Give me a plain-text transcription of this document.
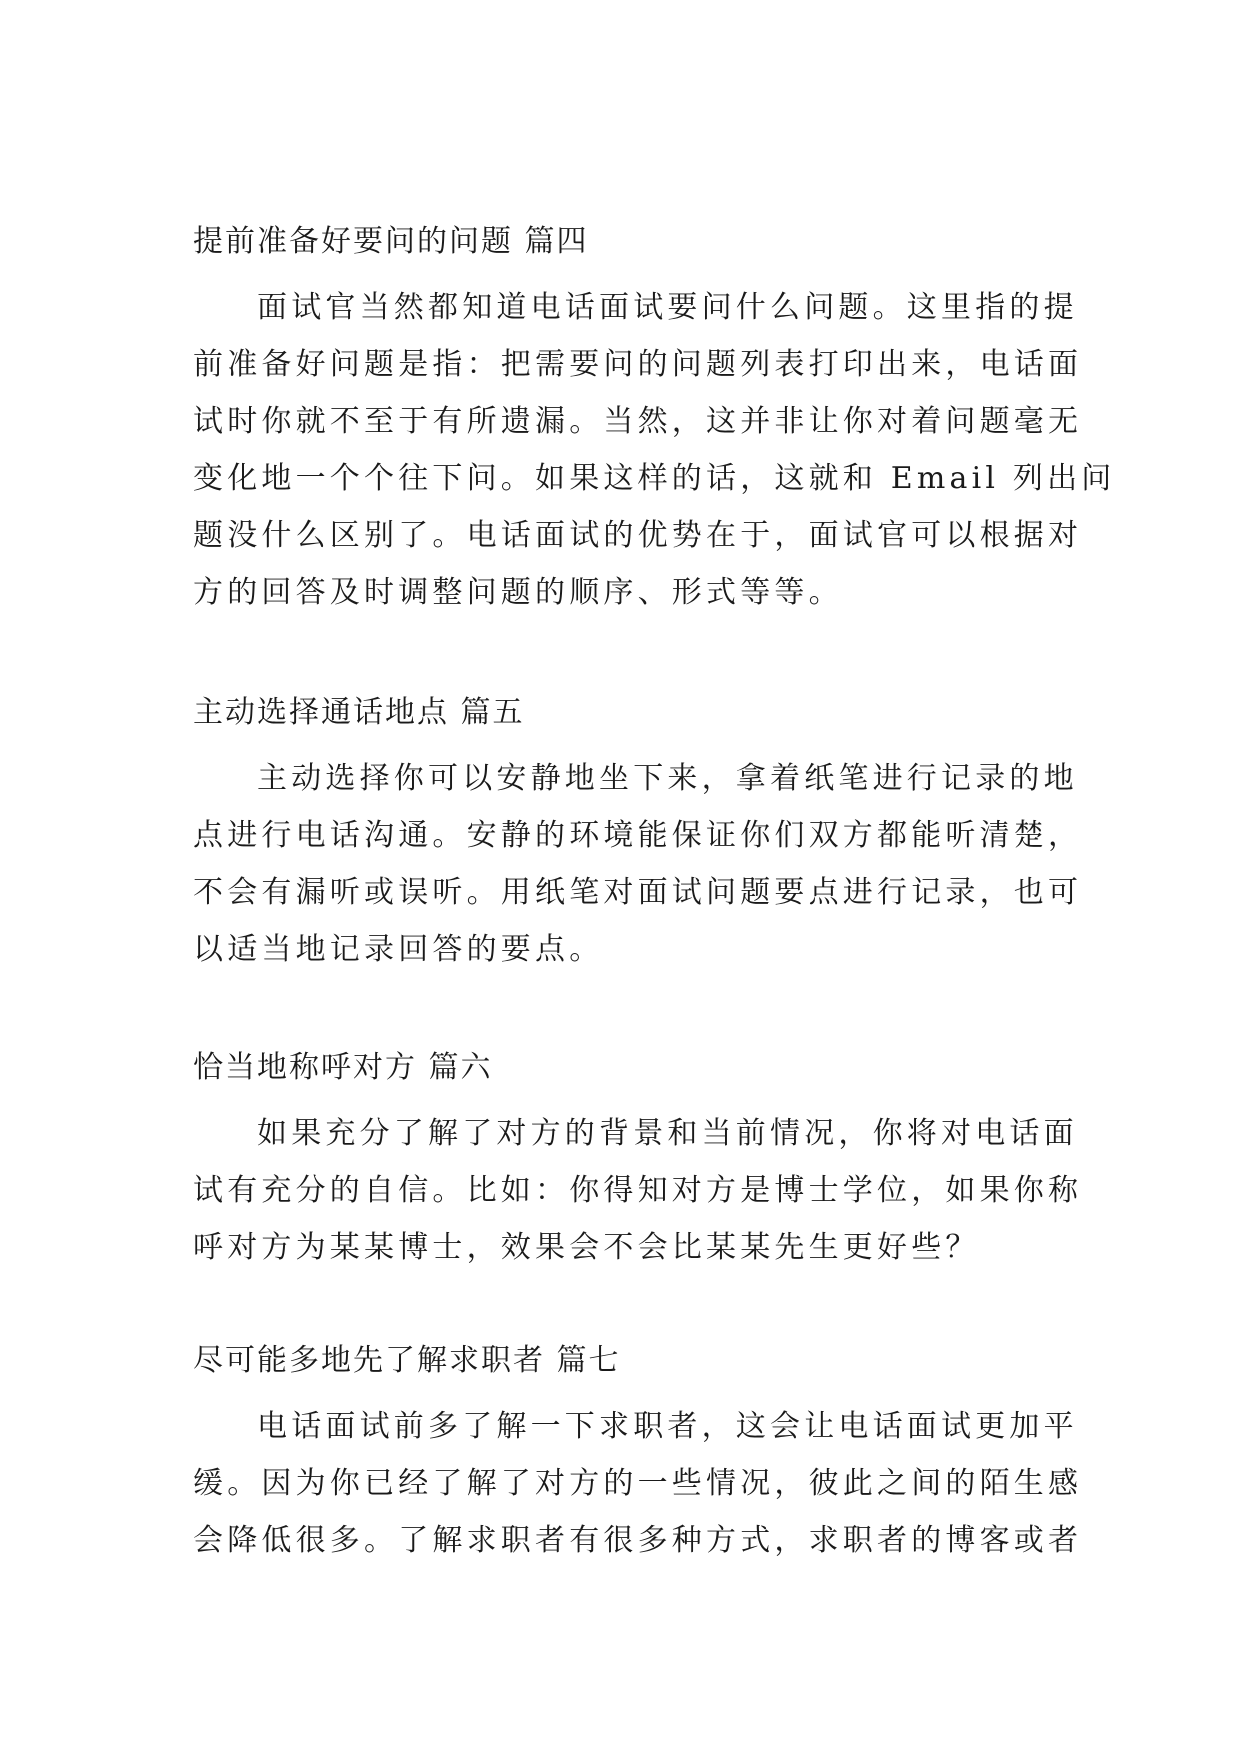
提前准备好要问的问题 篇四
面试官当然都知道电话面试要问什么问题。这里指的提
前准备好问题是指：把需要问的问题列表打印出来，电话面
试时你就不至于有所遗漏。当然，这并非让你对着问题毫无
变化地一个个往下问。如果这样的话，这就和 Email 列出问
题没什么区别了。电话面试的优势在于，面试官可以根据对
方的回答及时调整问题的顺序、形式等等。
主动选择通话地点 篇五
主动选择你可以安静地坐下来，拿着纸笔进行记录的地
点进行电话沟通。安静的环境能保证你们双方都能听清楚，
不会有漏听或误听。用纸笔对面试问题要点进行记录，也可
以适当地记录回答的要点。
恰当地称呼对方 篇六
如果充分了解了对方的背景和当前情况，你将对电话面
试有充分的自信。比如：你得知对方是博士学位，如果你称
呼对方为某某博士，效果会不会比某某先生更好些？
尽可能多地先了解求职者 篇七
电话面试前多了解一下求职者，这会让电话面试更加平
缓。因为你已经了解了对方的一些情况，彼此之间的陌生感
会降低很多。了解求职者有很多种方式，求职者的博客或者
